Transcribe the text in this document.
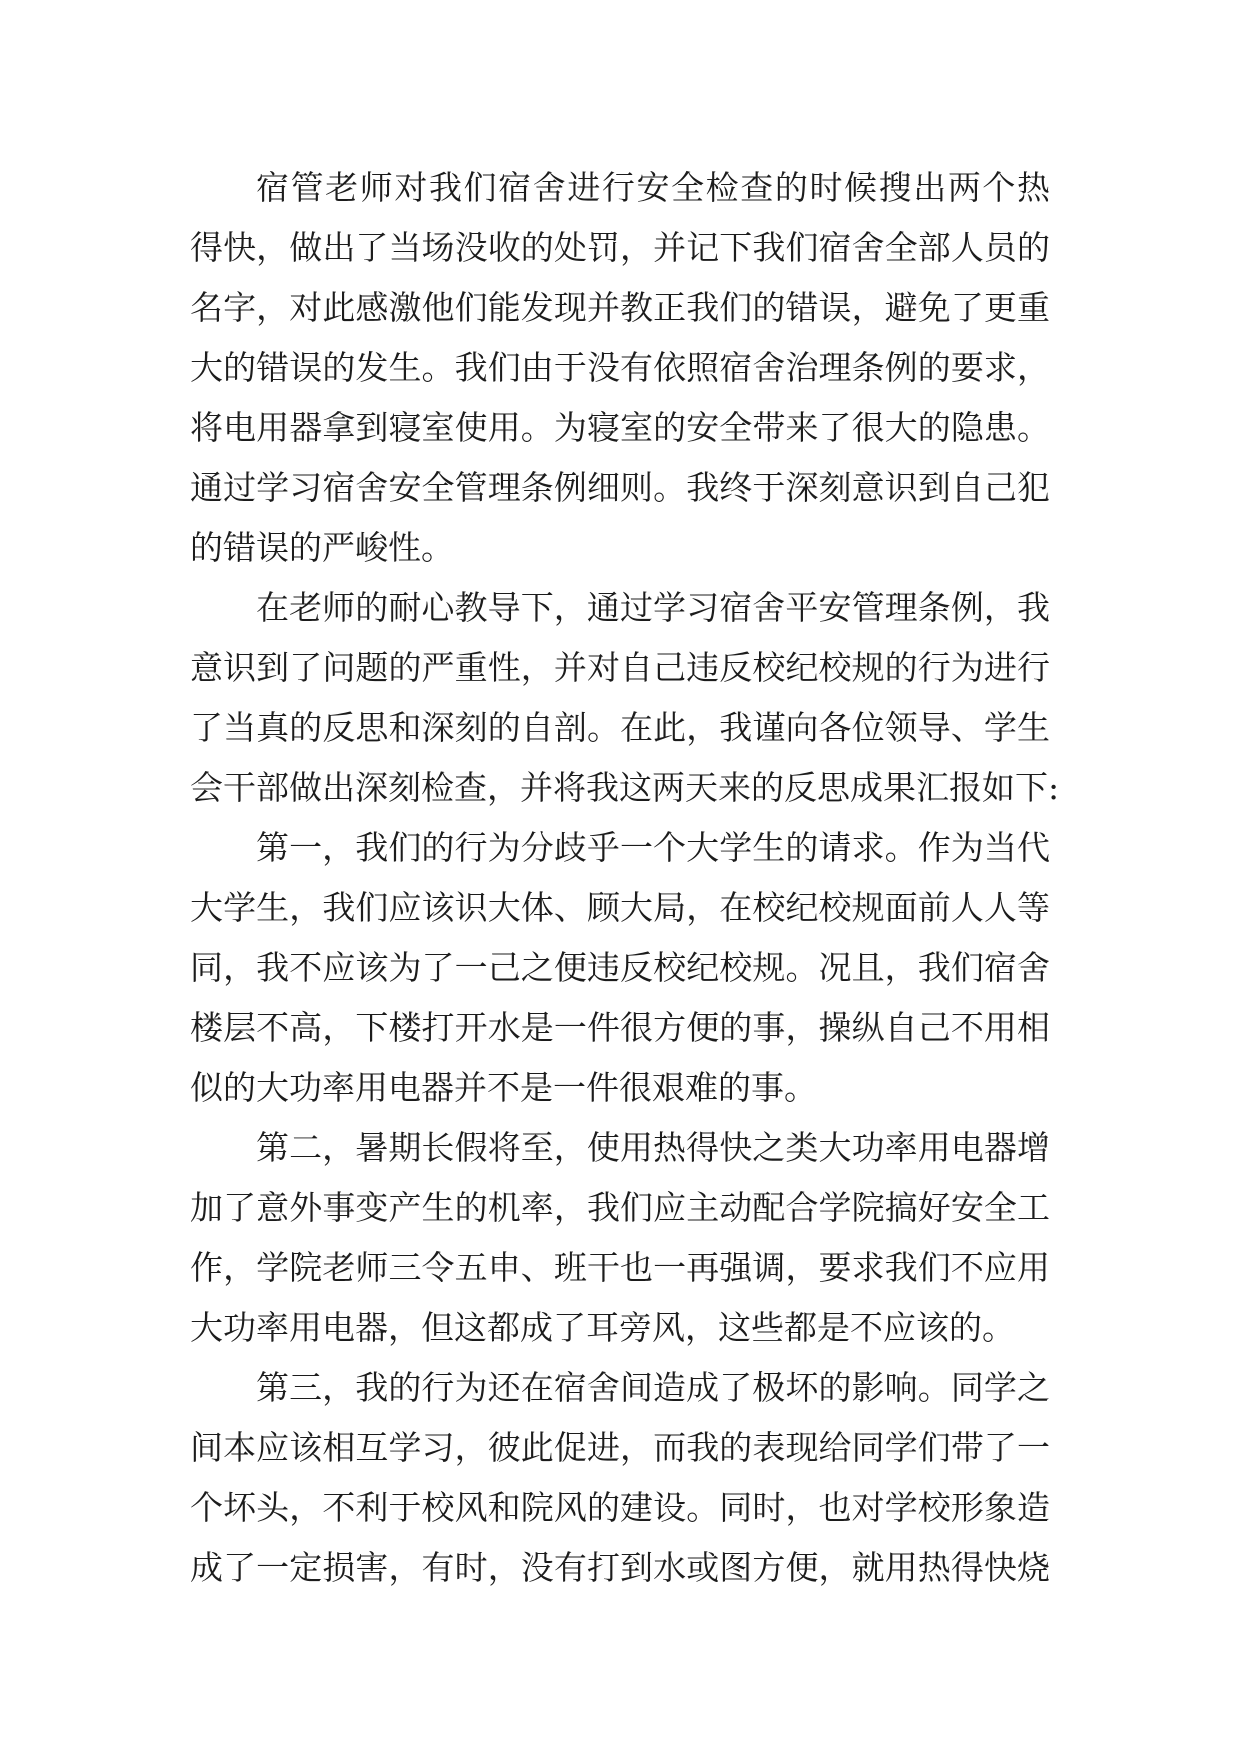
宿管老师对我们宿舍进行安全检查的时候搜出两个热
得快，做出了当场没收的处罚，并记下我们宿舍全部人员的
名字，对此感激他们能发现并教正我们的错误，避免了更重
大的错误的发生。我们由于没有依照宿舍治理条例的要求，
将电用器拿到寝室使用。为寝室的安全带来了很大的隐患。
通过学习宿舍安全管理条例细则。我终于深刻意识到自己犯
的错误的严峻性。
在老师的耐心教导下，通过学习宿舍平安管理条例，我
意识到了问题的严重性，并对自己违反校纪校规的行为进行
了当真的反思和深刻的自剖。在此，我谨向各位领导、学生
会干部做出深刻检查，并将我这两天来的反思成果汇报如下:
第一，我们的行为分歧乎一个大学生的请求。作为当代
大学生，我们应该识大体、顾大局，在校纪校规面前人人等
同，我不应该为了一己之便违反校纪校规。况且，我们宿舍
楼层不高，下楼打开水是一件很方便的事，操纵自己不用相
似的大功率用电器并不是一件很艰难的事。
第二，暑期长假将至，使用热得快之类大功率用电器增
加了意外事变产生的机率，我们应主动配合学院搞好安全工
作，学院老师三令五申、班干也一再强调，要求我们不应用
大功率用电器，但这都成了耳旁风，这些都是不应该的。
第三，我的行为还在宿舍间造成了极坏的影响。同学之
间本应该相互学习，彼此促进，而我的表现给同学们带了一
个坏头，不利于校风和院风的建设。同时，也对学校形象造
成了一定损害，有时，没有打到水或图方便，就用热得快烧
